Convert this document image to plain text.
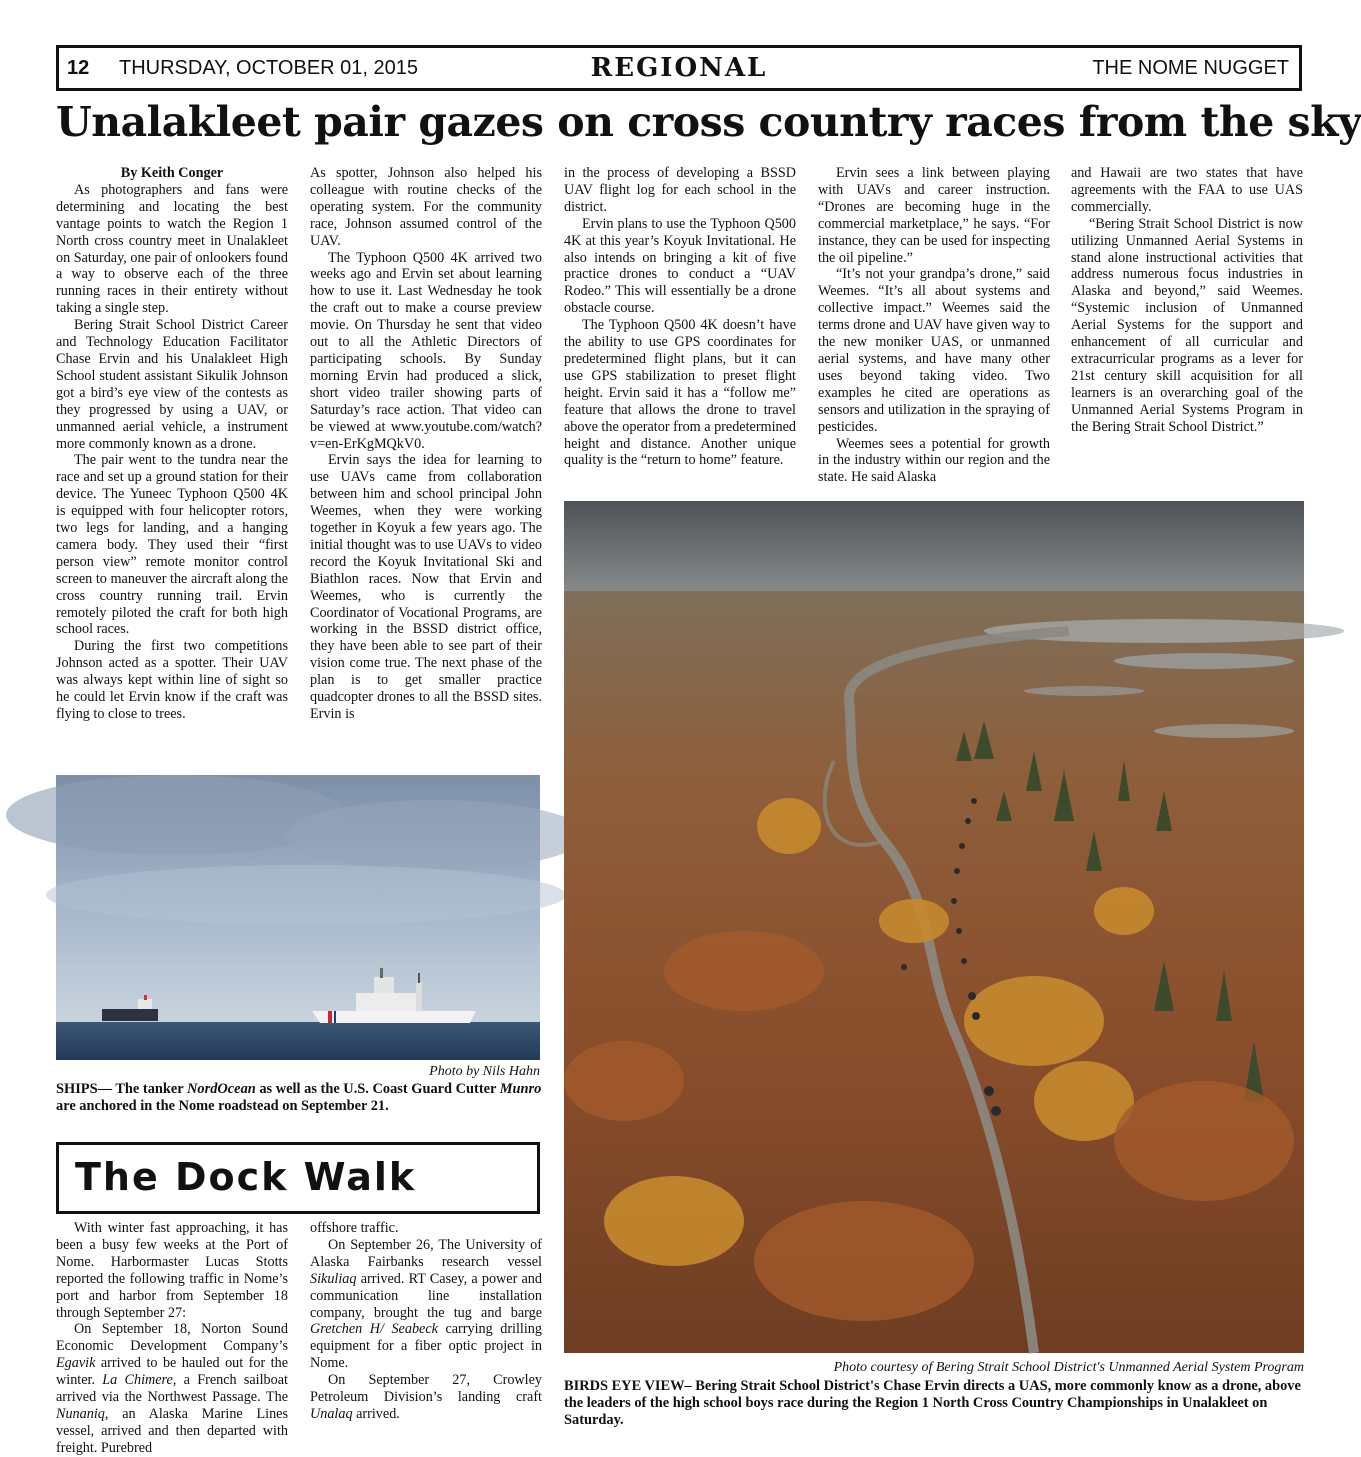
12 THURSDAY, OCTOBER 01, 2015	REGIONAL	THE NOME NUGGET
Unalakleet pair gazes on cross country races from the sky

By Keith Conger

As photographers and fans were determining and locating the best vantage points to watch the Region 1 North cross country meet in Unalakleet on Saturday, one pair of onlookers found a way to observe each of the three running races in their entirety without taking a single step.

Bering Strait School District Career and Technology Education Facilitator Chase Ervin and his Unalakleet High School student assistant Sikulik Johnson got a bird’s eye view of the contests as they progressed by using a UAV, or unmanned aerial vehicle, a instrument more commonly known as a drone.

The pair went to the tundra near the race and set up a ground station for their device. The Yuneec Typhoon Q500 4K is equipped with four helicopter rotors, two legs for landing, and a hanging camera body. They used their “first person view” remote monitor control screen to maneuver the aircraft along the cross country running trail. Ervin remotely piloted the craft for both high school races.

During the first two competitions Johnson acted as a spotter. Their UAV was always kept within line of sight so he could let Ervin know if the craft was flying to close to trees.

As spotter, Johnson also helped his colleague with routine checks of the operating system. For the community race, Johnson assumed control of the UAV.

The Typhoon Q500 4K arrived two weeks ago and Ervin set about learning how to use it. Last Wednesday he took the craft out to make a course preview movie. On Thursday he sent that video out to all the Athletic Directors of participating schools. By Sunday morning Ervin had produced a slick, short video trailer showing parts of Saturday’s race action. That video can be viewed at www.youtube.com/watch?v=en-ErKgMQkV0.

Ervin says the idea for learning to use UAVs came from collaboration between him and school principal John Weemes, when they were working together in Koyuk a few years ago. The initial thought was to use UAVs to video record the Koyuk Invitational Ski and Biathlon races. Now that Ervin and Weemes, who is currently the Coordinator of Vocational Programs, are working in the BSSD district office, they have been able to see part of their vision come true. The next phase of the plan is to get smaller practice quadcopter drones to all the BSSD sites. Ervin is

in the process of developing a BSSD UAV flight log for each school in the district.

Ervin plans to use the Typhoon Q500 4K at this year’s Koyuk Invitational. He also intends on bringing a kit of five practice drones to conduct a “UAV Rodeo.” This will essentially be a drone obstacle course.

The Typhoon Q500 4K doesn’t have the ability to use GPS coordinates for predetermined flight plans, but it can use GPS stabilization to preset flight height. Ervin said it has a “follow me” feature that allows the drone to travel above the operator from a predetermined height and distance. Another unique quality is the “return to home” feature.

Ervin sees a link between playing with UAVs and career instruction. “Drones are becoming huge in the commercial marketplace,” he says. “For instance, they can be used for inspecting the oil pipeline.”

“It’s not your grandpa’s drone,” said Weemes. “It’s all about systems and collective impact.” Weemes said the terms drone and UAV have given way to the new moniker UAS, or unmanned aerial systems, and have many other uses beyond taking video. Two examples he cited are operations as sensors and utilization in the spraying of pesticides.

Weemes sees a potential for growth in the industry within our region and the state. He said Alaska

and Hawaii are two states that have agreements with the FAA to use UAS commercially.

“Bering Strait School District is now utilizing Unmanned Aerial Systems in stand alone instructional activities that address numerous focus industries in Alaska and beyond,” said Weemes. “Systemic inclusion of Unmanned Aerial Systems for the support and enhancement of all curricular and extracurricular programs as a lever for 21st century skill acquisition for all learners is an overarching goal of the Unmanned Aerial Systems Program in the Bering Strait School District.”

Photo by Nils Hahn
SHIPS— The tanker NordOcean as well as the U.S. Coast Guard Cutter Munro are anchored in the Nome roadstead on September 21.
The Dock Walk

With winter fast approaching, it has been a busy few weeks at the Port of Nome. Harbormaster Lucas Stotts reported the following traffic in Nome’s port and harbor from September 18 through September 27:

On September 18, Norton Sound Economic Development Company’s Egavik arrived to be hauled out for the winter. La Chimere, a French sailboat arrived via the Northwest Passage. The Nunaniq, an Alaska Marine Lines vessel, arrived and then departed with freight. Purebred

offshore traffic.

On September 26, The University of Alaska Fairbanks research vessel Sikuliaq arrived. RT Casey, a power and communication line installation company, brought the tug and barge Gretchen H/ Seabeck carrying drilling equipment for a fiber optic project in Nome.

On September 27, Crowley Petroleum Division’s landing craft Unalaq arrived.

Photo courtesy of Bering Strait School District's Unmanned Aerial System Program
BIRDS EYE VIEW– Bering Strait School District's Chase Ervin directs a UAS, more commonly know as a drone, above the leaders of the high school boys race during the Region 1 North Cross Country Championships in Unalakleet on Saturday.
